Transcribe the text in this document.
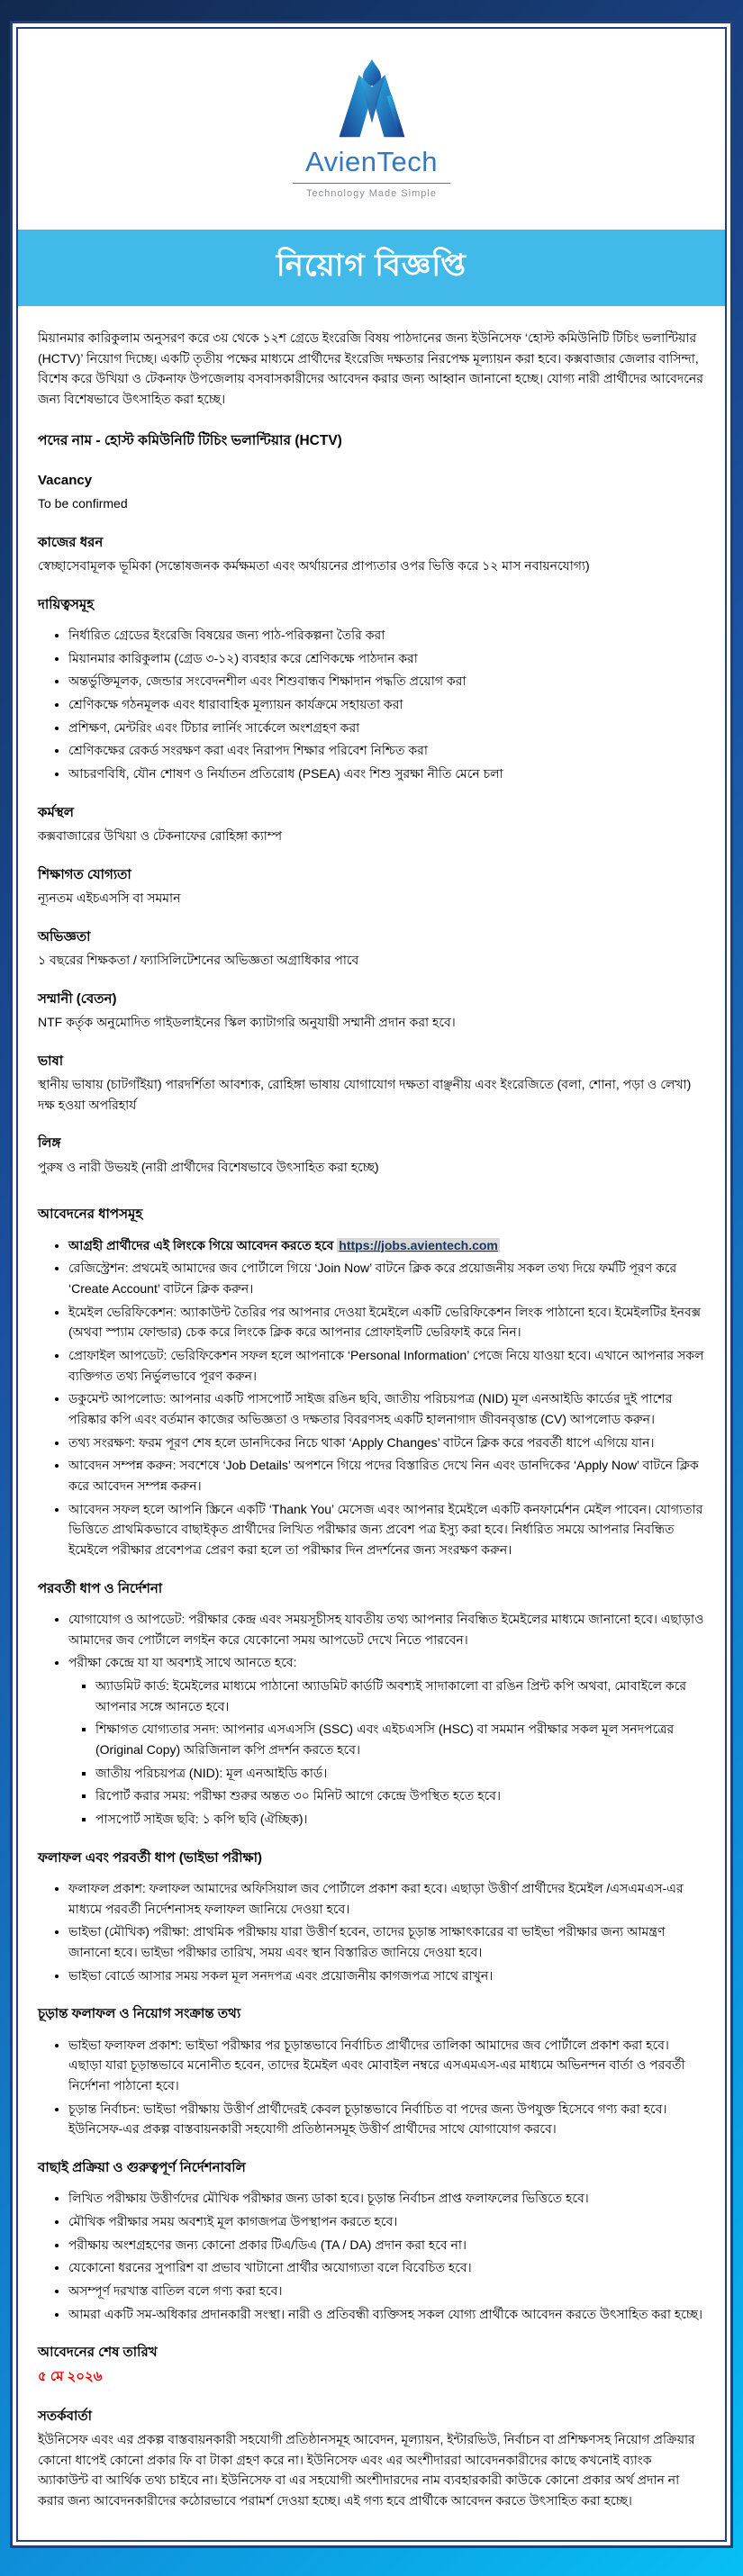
AvienTech
Technology Made Simple
নিয়োগ বিজ্ঞপ্তি

মিয়ানমার কারিকুলাম অনুসরণ করে ৩য় থেকে ১২শ গ্রেডে ইংরেজি বিষয় পাঠদানের জন্য ইউনিসেফ ‘হোস্ট কমিউনিটি টিচিং ভলান্টিয়ার (HCTV)’ নিয়োগ দিচ্ছে। একটি তৃতীয় পক্ষের মাধ্যমে প্রার্থীদের ইংরেজি দক্ষতার নিরপেক্ষ মূল্যায়ন করা হবে। কক্সবাজার জেলার বাসিন্দা, বিশেষ করে উখিয়া ও টেকনাফ উপজেলায় বসবাসকারীদের আবেদন করার জন্য আহ্বান জানানো হচ্ছে। যোগ্য নারী প্রার্থীদের আবেদনের জন্য বিশেষভাবে উৎসাহিত করা হচ্ছে।

পদের নাম - হোস্ট কমিউনিটি টিচিং ভলান্টিয়ার (HCTV)

Vacancy
To be confirmed
কাজের ধরন
স্বেচ্ছাসেবামূলক ভূমিকা (সন্তোষজনক কর্মক্ষমতা এবং অর্থায়নের প্রাপ্যতার ওপর ভিত্তি করে ১২ মাস নবায়নযোগ্য)
দায়িত্বসমূহ
• নির্ধারিত গ্রেডের ইংরেজি বিষয়ের জন্য পাঠ-পরিকল্পনা তৈরি করা
• মিয়ানমার কারিকুলাম (গ্রেড ৩-১২) ব্যবহার করে শ্রেণিকক্ষে পাঠদান করা
• অন্তর্ভুক্তিমূলক, জেন্ডার সংবেদনশীল এবং শিশুবান্ধব শিক্ষাদান পদ্ধতি প্রয়োগ করা
• শ্রেণিকক্ষে গঠনমূলক এবং ধারাবাহিক মূল্যায়ন কার্যক্রমে সহায়তা করা
• প্রশিক্ষণ, মেন্টরিং এবং টিচার লার্নিং সার্কেলে অংশগ্রহণ করা
• শ্রেণিকক্ষের রেকর্ড সংরক্ষণ করা এবং নিরাপদ শিক্ষার পরিবেশ নিশ্চিত করা
• আচরণবিধি, যৌন শোষণ ও নির্যাতন প্রতিরোধ (PSEA) এবং শিশু সুরক্ষা নীতি মেনে চলা
কর্মস্থল
কক্সবাজারের উখিয়া ও টেকনাফের রোহিঙ্গা ক্যাম্প
শিক্ষাগত যোগ্যতা
ন্যূনতম এইচএসসি বা সমমান
অভিজ্ঞতা
১ বছরের শিক্ষকতা / ফ্যাসিলিটেশনের অভিজ্ঞতা অগ্রাধিকার পাবে
সম্মানী (বেতন)
NTF কর্তৃক অনুমোদিত গাইডলাইনের স্কিল ক্যাটাগরি অনুযায়ী সম্মানী প্রদান করা হবে।
ভাষা
স্থানীয় ভাষায় (চাটগাঁইয়া) পারদর্শিতা আবশ্যক, রোহিঙ্গা ভাষায় যোগাযোগ দক্ষতা বাঞ্ছনীয় এবং ইংরেজিতে (বলা, শোনা, পড়া ও লেখা) দক্ষ হওয়া অপরিহার্য
লিঙ্গ
পুরুষ ও নারী উভয়ই (নারী প্রার্থীদের বিশেষভাবে উৎসাহিত করা হচ্ছে)
আবেদনের ধাপসমূহ
• আগ্রহী প্রার্থীদের এই লিংকে গিয়ে আবেদন করতে হবে https://jobs.avientech.com
• রেজিস্ট্রেশন: প্রথমেই আমাদের জব পোর্টালে গিয়ে ‘Join Now’ বাটনে ক্লিক করে প্রয়োজনীয় সকল তথ্য দিয়ে ফর্মটি পূরণ করে ‘Create Account’ বাটনে ক্লিক করুন।
• ইমেইল ভেরিফিকেশন: অ্যাকাউন্ট তৈরির পর আপনার দেওয়া ইমেইলে একটি ভেরিফিকেশন লিংক পাঠানো হবে। ইমেইলটির ইনবক্স (অথবা স্প্যাম ফোল্ডার) চেক করে লিংকে ক্লিক করে আপনার প্রোফাইলটি ভেরিফাই করে নিন।
• প্রোফাইল আপডেট: ভেরিফিকেশন সফল হলে আপনাকে ‘Personal Information’ পেজে নিয়ে যাওয়া হবে। এখানে আপনার সকল ব্যক্তিগত তথ্য নির্ভুলভাবে পূরণ করুন।
• ডকুমেন্ট আপলোড: আপনার একটি পাসপোর্ট সাইজ রঙিন ছবি, জাতীয় পরিচয়পত্র (NID) মূল এনআইডি কার্ডের দুই পাশের পরিষ্কার কপি এবং বর্তমান কাজের অভিজ্ঞতা ও দক্ষতার বিবরণসহ একটি হালনাগাদ জীবনবৃত্তান্ত (CV) আপলোড করুন।
• তথ্য সংরক্ষণ: ফরম পূরণ শেষ হলে ডানদিকের নিচে থাকা ‘Apply Changes’ বাটনে ক্লিক করে পরবর্তী ধাপে এগিয়ে যান।
• আবেদন সম্পন্ন করুন: সবশেষে ‘Job Details’ অপশনে গিয়ে পদের বিস্তারিত দেখে নিন এবং ডানদিকের ‘Apply Now’ বাটনে ক্লিক করে আবেদন সম্পন্ন করুন।
• আবেদন সফল হলে আপনি স্ক্রিনে একটি ‘Thank You’ মেসেজ এবং আপনার ইমেইলে একটি কনফার্মেশন মেইল পাবেন। যোগ্যতার ভিত্তিতে প্রাথমিকভাবে বাছাইকৃত প্রার্থীদের লিখিত পরীক্ষার জন্য প্রবেশ পত্র ইস্যু করা হবে। নির্ধারিত সময়ে আপনার নিবন্ধিত ইমেইলে পরীক্ষার প্রবেশপত্র প্রেরণ করা হলে তা পরীক্ষার দিন প্রদর্শনের জন্য সংরক্ষণ করুন।
পরবর্তী ধাপ ও নির্দেশনা
• যোগাযোগ ও আপডেট: পরীক্ষার কেন্দ্র এবং সময়সূচীসহ যাবতীয় তথ্য আপনার নিবন্ধিত ইমেইলের মাধ্যমে জানানো হবে। এছাড়াও আমাদের জব পোর্টালে লগইন করে যেকোনো সময় আপডেট দেখে নিতে পারবেন।
• পরীক্ষা কেন্দ্রে যা যা অবশ্যই সাথে আনতে হবে:
▪ অ্যাডমিট কার্ড: ইমেইলের মাধ্যমে পাঠানো অ্যাডমিট কার্ডটি অবশ্যই সাদাকালো বা রঙিন প্রিন্ট কপি অথবা, মোবাইলে করে আপনার সঙ্গে আনতে হবে।
▪ শিক্ষাগত যোগ্যতার সনদ: আপনার এসএসসি (SSC) এবং এইচএসসি (HSC) বা সমমান পরীক্ষার সকল মূল সনদপত্রের (Original Copy) অরিজিনাল কপি প্রদর্শন করতে হবে।
▪ জাতীয় পরিচয়পত্র (NID): মূল এনআইডি কার্ড।
▪ রিপোর্ট করার সময়: পরীক্ষা শুরুর অন্তত ৩০ মিনিট আগে কেন্দ্রে উপস্থিত হতে হবে।
▪ পাসপোর্ট সাইজ ছবি: ১ কপি ছবি (ঐচ্ছিক)।
ফলাফল এবং পরবর্তী ধাপ (ভাইভা পরীক্ষা)
• ফলাফল প্রকাশ: ফলাফল আমাদের অফিসিয়াল জব পোর্টালে প্রকাশ করা হবে। এছাড়া উত্তীর্ণ প্রার্থীদের ইমেইল /এসএমএস-এর মাধ্যমে পরবর্তী নির্দেশনাসহ ফলাফল জানিয়ে দেওয়া হবে।
• ভাইভা (মৌখিক) পরীক্ষা: প্রাথমিক পরীক্ষায় যারা উত্তীর্ণ হবেন, তাদের চূড়ান্ত সাক্ষাৎকারের বা ভাইভা পরীক্ষার জন্য আমন্ত্রণ জানানো হবে। ভাইভা পরীক্ষার তারিখ, সময় এবং স্থান বিস্তারিত জানিয়ে দেওয়া হবে।
• ভাইভা বোর্ডে আসার সময় সকল মূল সনদপত্র এবং প্রয়োজনীয় কাগজপত্র সাথে রাখুন।
চূড়ান্ত ফলাফল ও নিয়োগ সংক্রান্ত তথ্য
• ভাইভা ফলাফল প্রকাশ: ভাইভা পরীক্ষার পর চূড়ান্তভাবে নির্বাচিত প্রার্থীদের তালিকা আমাদের জব পোর্টালে প্রকাশ করা হবে। এছাড়া যারা চূড়ান্তভাবে মনোনীত হবেন, তাদের ইমেইল এবং মোবাইল নম্বরে এসএমএস-এর মাধ্যমে অভিনন্দন বার্তা ও পরবর্তী নির্দেশনা পাঠানো হবে।
• চূড়ান্ত নির্বাচন: ভাইভা পরীক্ষায় উত্তীর্ণ প্রার্থীদেরই কেবল চূড়ান্তভাবে নির্বাচিত বা পদের জন্য উপযুক্ত হিসেবে গণ্য করা হবে। ইউনিসেফ-এর প্রকল্প বাস্তবায়নকারী সহযোগী প্রতিষ্ঠানসমূহ উত্তীর্ণ প্রার্থীদের সাথে যোগাযোগ করবে।
বাছাই প্রক্রিয়া ও গুরুত্বপূর্ণ নির্দেশনাবলি
• লিখিত পরীক্ষায় উত্তীর্ণদের মৌখিক পরীক্ষার জন্য ডাকা হবে। চূড়ান্ত নির্বাচন প্রাপ্ত ফলাফলের ভিত্তিতে হবে।
• মৌখিক পরীক্ষার সময় অবশ্যই মূল কাগজপত্র উপস্থাপন করতে হবে।
• পরীক্ষায় অংশগ্রহণের জন্য কোনো প্রকার টিএ/ডিএ (TA / DA) প্রদান করা হবে না।
• যেকোনো ধরনের সুপারিশ বা প্রভাব খাটানো প্রার্থীর অযোগ্যতা বলে বিবেচিত হবে।
• অসম্পূর্ণ দরখাস্ত বাতিল বলে গণ্য করা হবে।
• আমরা একটি সম-অধিকার প্রদানকারী সংস্থা। নারী ও প্রতিবন্ধী ব্যক্তিসহ সকল যোগ্য প্রার্থীকে আবেদন করতে উৎসাহিত করা হচ্ছে।
আবেদনের শেষ তারিখ
৫ মে ২০২৬
সতর্কবার্তা

ইউনিসেফ এবং এর প্রকল্প বাস্তবায়নকারী সহযোগী প্রতিষ্ঠানসমূহ আবেদন, মূল্যায়ন, ইন্টারভিউ, নির্বাচন বা প্রশিক্ষণসহ নিয়োগ প্রক্রিয়ার কোনো ধাপেই কোনো প্রকার ফি বা টাকা গ্রহণ করে না। ইউনিসেফ এবং এর অংশীদাররা আবেদনকারীদের কাছে কখনোই ব্যাংক অ্যাকাউন্ট বা আর্থিক তথ্য চাইবে না। ইউনিসেফ বা এর সহযোগী অংশীদারদের নাম ব্যবহারকারী কাউকে কোনো প্রকার অর্থ প্রদান না করার জন্য আবেদনকারীদের কঠোরভাবে পরামর্শ দেওয়া হচ্ছে। এই গণ্য হবে প্রার্থীকে আবেদন করতে উৎসাহিত করা হচ্ছে।
